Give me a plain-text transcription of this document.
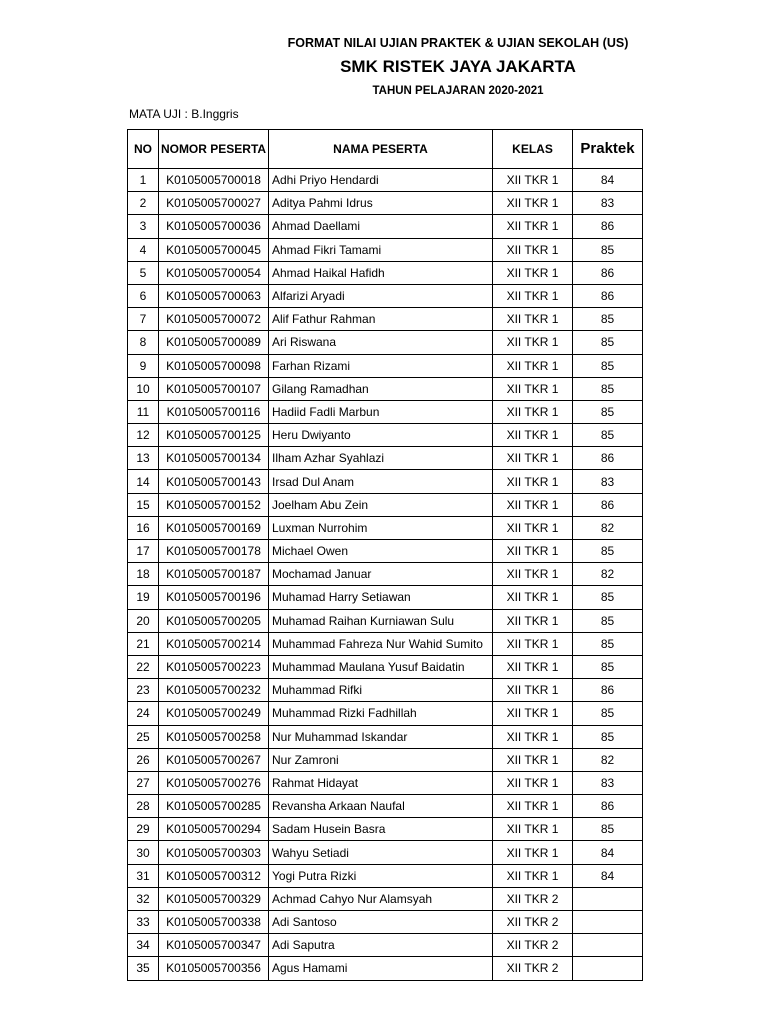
FORMAT NILAI UJIAN PRAKTEK & UJIAN SEKOLAH (US)
SMK RISTEK JAYA JAKARTA
TAHUN PELAJARAN 2020-2021
MATA UJI : B.Inggris
NO	NOMOR PESERTA	NAMA PESERTA	KELAS	Praktek
1	K0105005700018	Adhi Priyo Hendardi	XII TKR 1	84
2	K0105005700027	Aditya Pahmi Idrus	XII TKR 1	83
3	K0105005700036	Ahmad Daellami	XII TKR 1	86
4	K0105005700045	Ahmad Fikri Tamami	XII TKR 1	85
5	K0105005700054	Ahmad Haikal Hafidh	XII TKR 1	86
6	K0105005700063	Alfarizi Aryadi	XII TKR 1	86
7	K0105005700072	Alif Fathur Rahman	XII TKR 1	85
8	K0105005700089	Ari Riswana	XII TKR 1	85
9	K0105005700098	Farhan Rizami	XII TKR 1	85
10	K0105005700107	Gilang Ramadhan	XII TKR 1	85
11	K0105005700116	Hadiid Fadli Marbun	XII TKR 1	85
12	K0105005700125	Heru Dwiyanto	XII TKR 1	85
13	K0105005700134	Ilham Azhar Syahlazi	XII TKR 1	86
14	K0105005700143	Irsad Dul Anam	XII TKR 1	83
15	K0105005700152	Joelham Abu Zein	XII TKR 1	86
16	K0105005700169	Luxman Nurrohim	XII TKR 1	82
17	K0105005700178	Michael Owen	XII TKR 1	85
18	K0105005700187	Mochamad Januar	XII TKR 1	82
19	K0105005700196	Muhamad Harry Setiawan	XII TKR 1	85
20	K0105005700205	Muhamad Raihan Kurniawan Sulu	XII TKR 1	85
21	K0105005700214	Muhammad Fahreza Nur Wahid Sumito	XII TKR 1	85
22	K0105005700223	Muhammad Maulana Yusuf Baidatin	XII TKR 1	85
23	K0105005700232	Muhammad Rifki	XII TKR 1	86
24	K0105005700249	Muhammad Rizki Fadhillah	XII TKR 1	85
25	K0105005700258	Nur Muhammad Iskandar	XII TKR 1	85
26	K0105005700267	Nur Zamroni	XII TKR 1	82
27	K0105005700276	Rahmat Hidayat	XII TKR 1	83
28	K0105005700285	Revansha Arkaan Naufal	XII TKR 1	86
29	K0105005700294	Sadam Husein Basra	XII TKR 1	85
30	K0105005700303	Wahyu Setiadi	XII TKR 1	84
31	K0105005700312	Yogi Putra Rizki	XII TKR 1	84
32	K0105005700329	Achmad Cahyo Nur Alamsyah	XII TKR 2	
33	K0105005700338	Adi Santoso	XII TKR 2	
34	K0105005700347	Adi Saputra	XII TKR 2	
35	K0105005700356	Agus Hamami	XII TKR 2	
